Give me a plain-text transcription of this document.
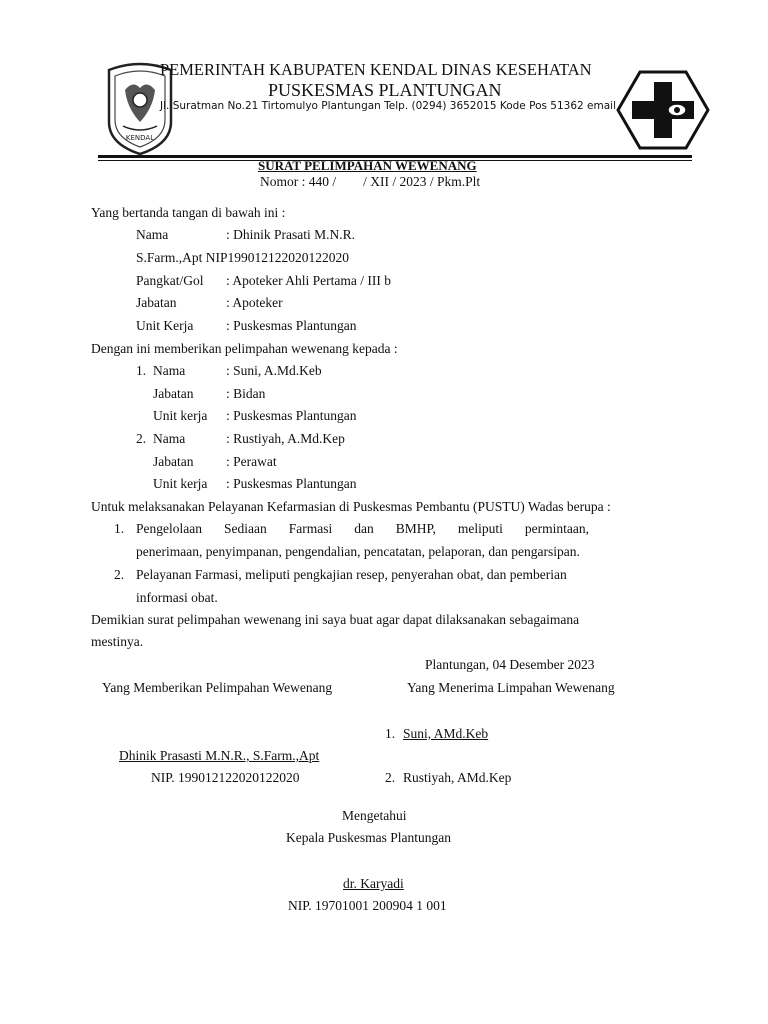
KENDAL
PEMERINTAH KABUPATEN KENDAL DINAS KESEHATAN
PUSKESMAS PLANTUNGAN
Jl. Suratman No.21 Tirtomulyo Plantungan Telp. (0294) 3652015 Kode Pos 51362 email
SURAT PELIMPAHAN WEWENANG
Nomor : 440 /        / XII / 2023 / Pkm.Plt
Yang bertanda tangan di bawah ini :
Nama	: Dhinik Prasati M.N.R.
S.Farm.,Apt NIP199012122020122020
Pangkat/Gol : Apoteker Ahli Pertama / III b
Jabatan	: Apoteker
Unit Kerja : Puskesmas Plantungan
Dengan ini memberikan pelimpahan wewenang kepada :
1. Nama	: Suni, A.Md.Keb
Jabatan : Bidan
Unit kerja : Puskesmas Plantungan
2. Nama	: Rustiyah, A.Md.Kep
Jabatan : Perawat
Unit kerja : Puskesmas Plantungan
Untuk melaksanakan Pelayanan Kefarmasian di Puskesmas Pembantu (PUSTU) Wadas berupa :
1. Pengelolaan Sediaan Farmasi dan BMHP, meliputi permintaan,
penerimaan, penyimpanan, pengendalian, pencatatan, pelaporan, dan pengarsipan.
2. Pelayanan Farmasi, meliputi pengkajian resep, penyerahan obat, dan pemberian
informasi obat.
Demikian surat pelimpahan wewenang ini saya buat agar dapat dilaksanakan sebagaimana
mestinya.
Plantungan, 04 Desember 2023
Yang Memberikan Pelimpahan Wewenang	Yang Menerima Limpahan Wewenang
1. Suni, AMd.Keb
Dhinik Prasasti M.N.R., S.Farm.,Apt
NIP. 199012122020122020	2. Rustiyah, AMd.Kep
Mengetahui
Kepala Puskesmas Plantungan
dr. Karyadi
NIP. 19701001 200904 1 001
